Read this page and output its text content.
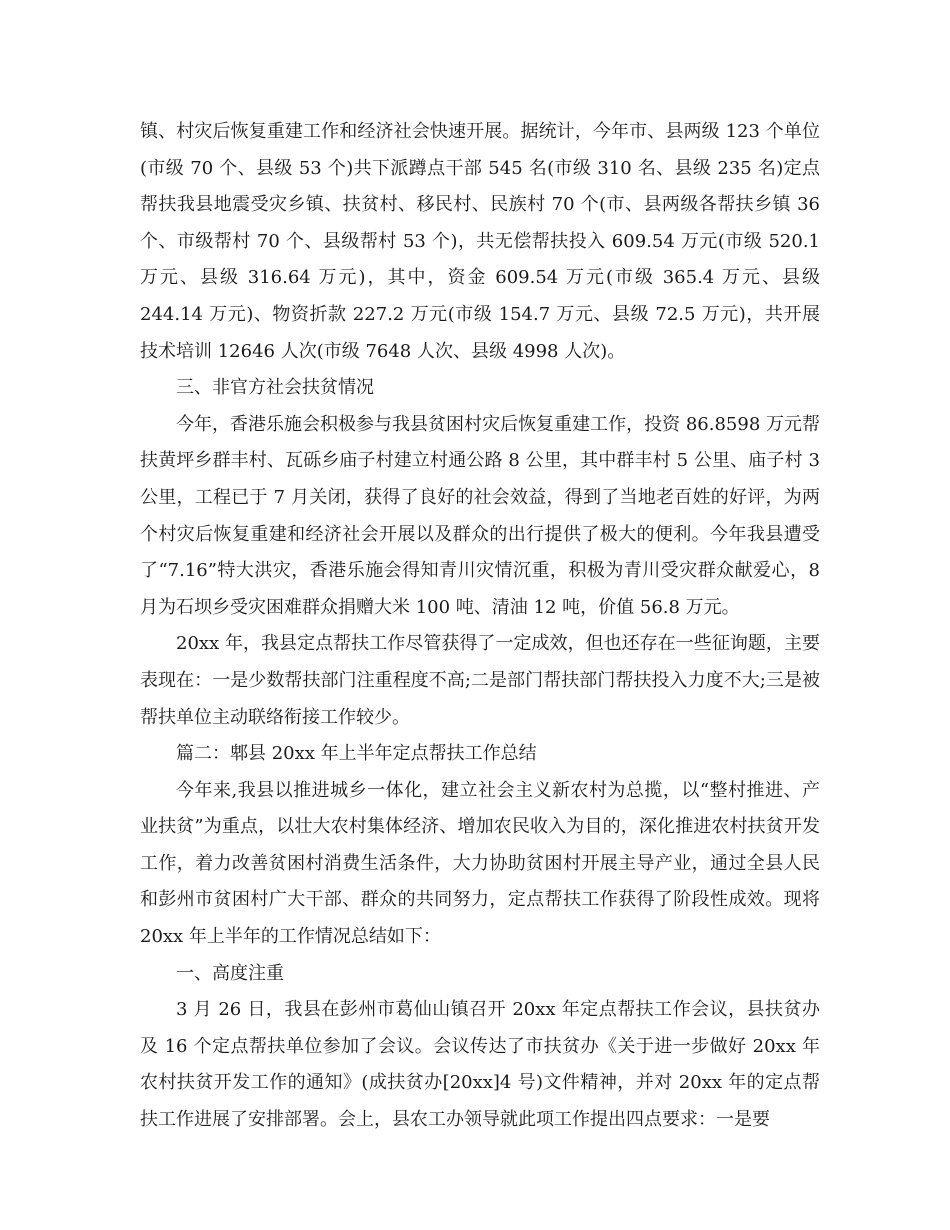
镇、村灾后恢复重建工作和经济社会快速开展。据统计，今年市、县两级 123 个单位(市级 70 个、县级 53 个)共下派蹲点干部 545 名(市级 310 名、县级 235 名)定点帮扶我县地震受灾乡镇、扶贫村、移民村、民族村 70 个(市、县两级各帮扶乡镇 36 个、市级帮村 70 个、县级帮村 53 个)，共无偿帮扶投入 609.54 万元(市级 520.1 万元、县级 316.64 万元)，其中，资金 609.54 万元(市级 365.4 万元、县级 244.14 万元)、物资折款 227.2 万元(市级 154.7 万元、县级 72.5 万元)，共开展技术培训 12646 人次(市级 7648 人次、县级 4998 人次)。

三、非官方社会扶贫情况

今年，香港乐施会积极参与我县贫困村灾后恢复重建工作，投资 86.8598 万元帮扶黄坪乡群丰村、瓦砾乡庙子村建立村通公路 8 公里，其中群丰村 5 公里、庙子村 3 公里，工程已于 7 月关闭，获得了良好的社会效益，得到了当地老百姓的好评，为两个村灾后恢复重建和经济社会开展以及群众的出行提供了极大的便利。今年我县遭受了“7.16”特大洪灾，香港乐施会得知青川灾情沉重，积极为青川受灾群众献爱心，8 月为石坝乡受灾困难群众捐赠大米 100 吨、清油 12 吨，价值 56.8 万元。

20xx 年，我县定点帮扶工作尽管获得了一定成效，但也还存在一些征询题，主要表现在：一是少数帮扶部门注重程度不高;二是部门帮扶部门帮扶投入力度不大;三是被帮扶单位主动联络衔接工作较少。

篇二：郫县 20xx 年上半年定点帮扶工作总结

今年来,我县以推进城乡一体化，建立社会主义新农村为总揽，以“整村推进、产业扶贫”为重点，以壮大农村集体经济、增加农民收入为目的，深化推进农村扶贫开发工作，着力改善贫困村消费生活条件，大力协助贫困村开展主导产业，通过全县人民和彭州市贫困村广大干部、群众的共同努力，定点帮扶工作获得了阶段性成效。现将 20xx 年上半年的工作情况总结如下：

一、高度注重

3 月 26 日，我县在彭州市葛仙山镇召开 20xx 年定点帮扶工作会议，县扶贫办及 16 个定点帮扶单位参加了会议。会议传达了市扶贫办《关于进一步做好 20xx 年农村扶贫开发工作的通知》(成扶贫办[20xx]4 号)文件精神，并对 20xx 年的定点帮扶工作进展了安排部署。会上，县农工办领导就此项工作提出四点要求：一是要
